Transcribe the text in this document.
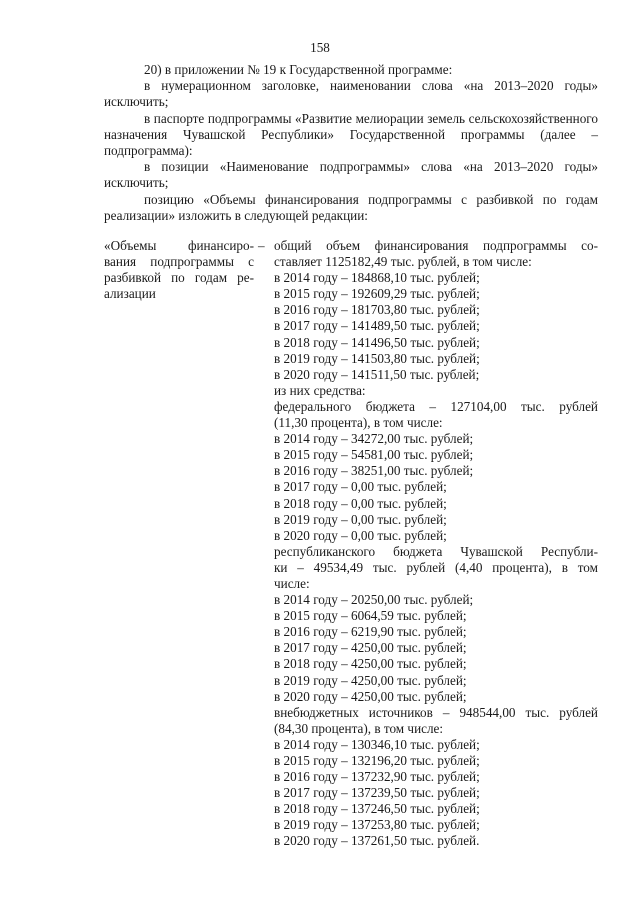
158

20) в приложении № 19 к Государственной программе:

в нумерационном заголовке, наименовании слова «на 2013–2020 годы» исключить;

в паспорте подпрограммы «Развитие мелиорации земель сельскохозяйственного назначения Чувашской Республики» Государственной программы (далее – подпрограмма):

в позиции «Наименование подпрограммы» слова «на 2013–2020 годы» исключить;

позицию «Объемы финансирования подпрограммы с разбивкой по годам реализации» изложить в следующей редакции:

«Объемы финансиро-
вания подпрограммы с
разбивкой по годам ре-
ализации
– общий объем финансирования подпрограммы со-
ставляет 1125182,49 тыс. рублей, в том числе:
в 2014 году – 184868,10 тыс. рублей;
в 2015 году – 192609,29 тыс. рублей;
в 2016 году – 181703,80 тыс. рублей;
в 2017 году – 141489,50 тыс. рублей;
в 2018 году – 141496,50 тыс. рублей;
в 2019 году – 141503,80 тыс. рублей;
в 2020 году – 141511,50 тыс. рублей;
из них средства:
федерального бюджета – 127104,00 тыс. рублей
(11,30 процента), в том числе:
в 2014 году – 34272,00 тыс. рублей;
в 2015 году – 54581,00 тыс. рублей;
в 2016 году – 38251,00 тыс. рублей;
в 2017 году – 0,00 тыс. рублей;
в 2018 году – 0,00 тыс. рублей;
в 2019 году – 0,00 тыс. рублей;
в 2020 году – 0,00 тыс. рублей;
республиканского бюджета Чувашской Республи-
ки – 49534,49 тыс. рублей (4,40 процента), в том
числе:
в 2014 году – 20250,00 тыс. рублей;
в 2015 году – 6064,59 тыс. рублей;
в 2016 году – 6219,90 тыс. рублей;
в 2017 году – 4250,00 тыс. рублей;
в 2018 году – 4250,00 тыс. рублей;
в 2019 году – 4250,00 тыс. рублей;
в 2020 году – 4250,00 тыс. рублей;
внебюджетных источников – 948544,00 тыс. рублей
(84,30 процента), в том числе:
в 2014 году – 130346,10 тыс. рублей;
в 2015 году – 132196,20 тыс. рублей;
в 2016 году – 137232,90 тыс. рублей;
в 2017 году – 137239,50 тыс. рублей;
в 2018 году – 137246,50 тыс. рублей;
в 2019 году – 137253,80 тыс. рублей;
в 2020 году – 137261,50 тыс. рублей.
